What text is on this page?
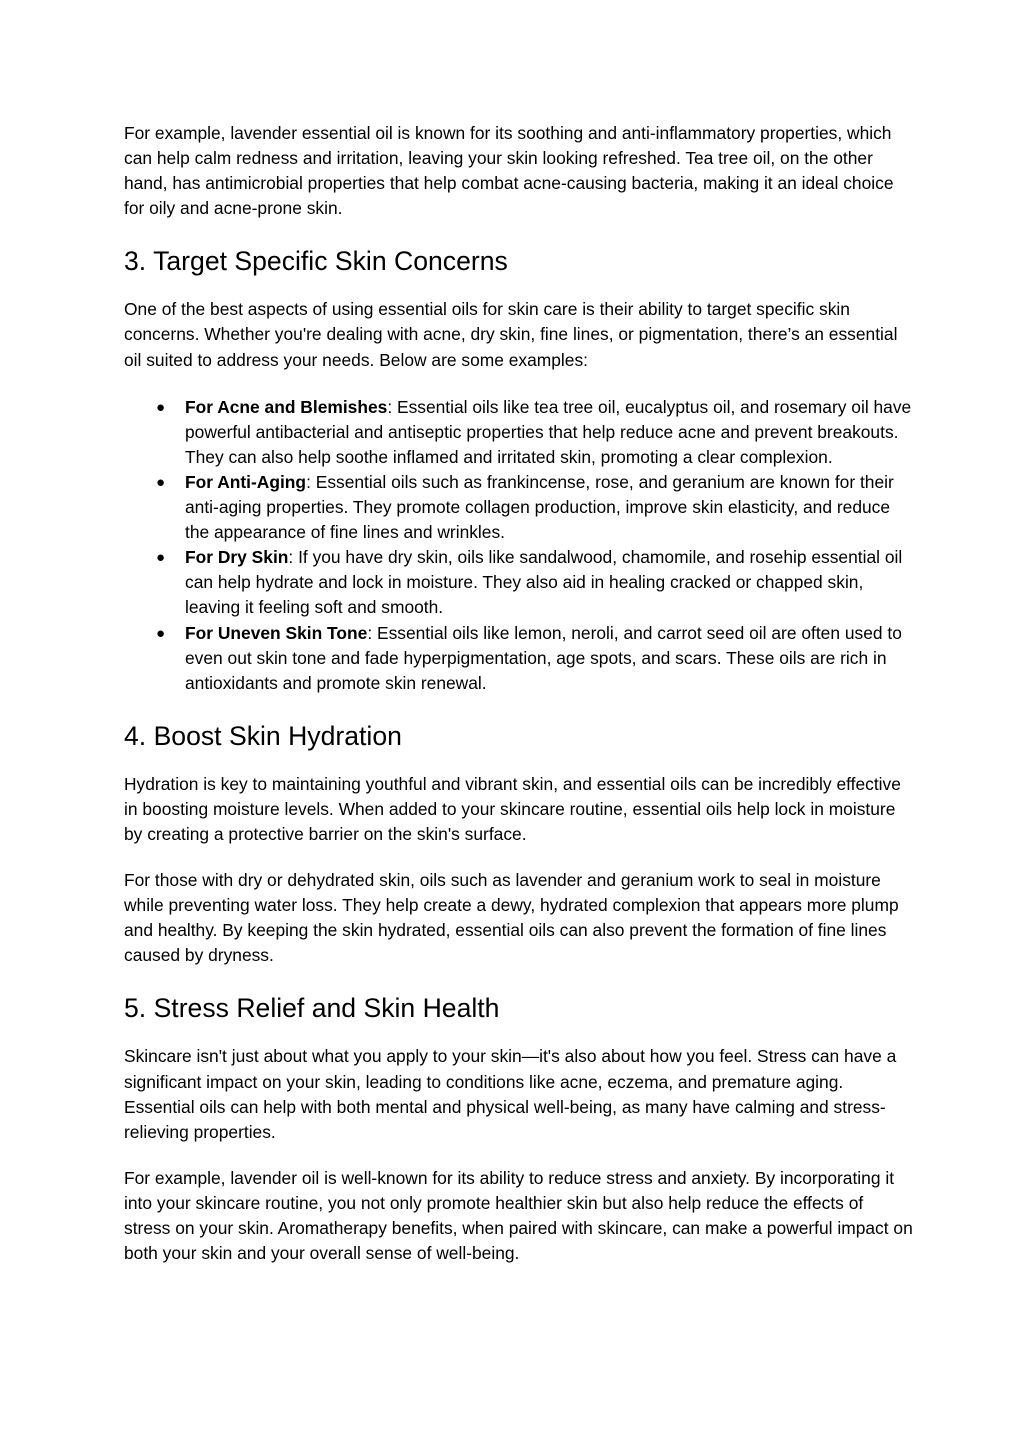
For example, lavender essential oil is known for its soothing and anti-inflammatory properties, which can help calm redness and irritation, leaving your skin looking refreshed. Tea tree oil, on the other hand, has antimicrobial properties that help combat acne-causing bacteria, making it an ideal choice for oily and acne-prone skin.

3. Target Specific Skin Concerns

One of the best aspects of using essential oils for skin care is their ability to target specific skin concerns. Whether you're dealing with acne, dry skin, fine lines, or pigmentation, there’s an essential oil suited to address your needs. Below are some examples:

● For Acne and Blemishes: Essential oils like tea tree oil, eucalyptus oil, and rosemary oil have powerful antibacterial and antiseptic properties that help reduce acne and prevent breakouts. They can also help soothe inflamed and irritated skin, promoting a clear complexion.
● For Anti-Aging: Essential oils such as frankincense, rose, and geranium are known for their anti-aging properties. They promote collagen production, improve skin elasticity, and reduce the appearance of fine lines and wrinkles.
● For Dry Skin: If you have dry skin, oils like sandalwood, chamomile, and rosehip essential oil can help hydrate and lock in moisture. They also aid in healing cracked or chapped skin, leaving it feeling soft and smooth.
● For Uneven Skin Tone: Essential oils like lemon, neroli, and carrot seed oil are often used to even out skin tone and fade hyperpigmentation, age spots, and scars. These oils are rich in antioxidants and promote skin renewal.
4. Boost Skin Hydration

Hydration is key to maintaining youthful and vibrant skin, and essential oils can be incredibly effective in boosting moisture levels. When added to your skincare routine, essential oils help lock in moisture by creating a protective barrier on the skin's surface.

For those with dry or dehydrated skin, oils such as lavender and geranium work to seal in moisture while preventing water loss. They help create a dewy, hydrated complexion that appears more plump and healthy. By keeping the skin hydrated, essential oils can also prevent the formation of fine lines caused by dryness.

5. Stress Relief and Skin Health

Skincare isn't just about what you apply to your skin—it's also about how you feel. Stress can have a significant impact on your skin, leading to conditions like acne, eczema, and premature aging. Essential oils can help with both mental and physical well-being, as many have calming and stress-relieving properties.

For example, lavender oil is well-known for its ability to reduce stress and anxiety. By incorporating it into your skincare routine, you not only promote healthier skin but also help reduce the effects of stress on your skin. Aromatherapy benefits, when paired with skincare, can make a powerful impact on both your skin and your overall sense of well-being.
